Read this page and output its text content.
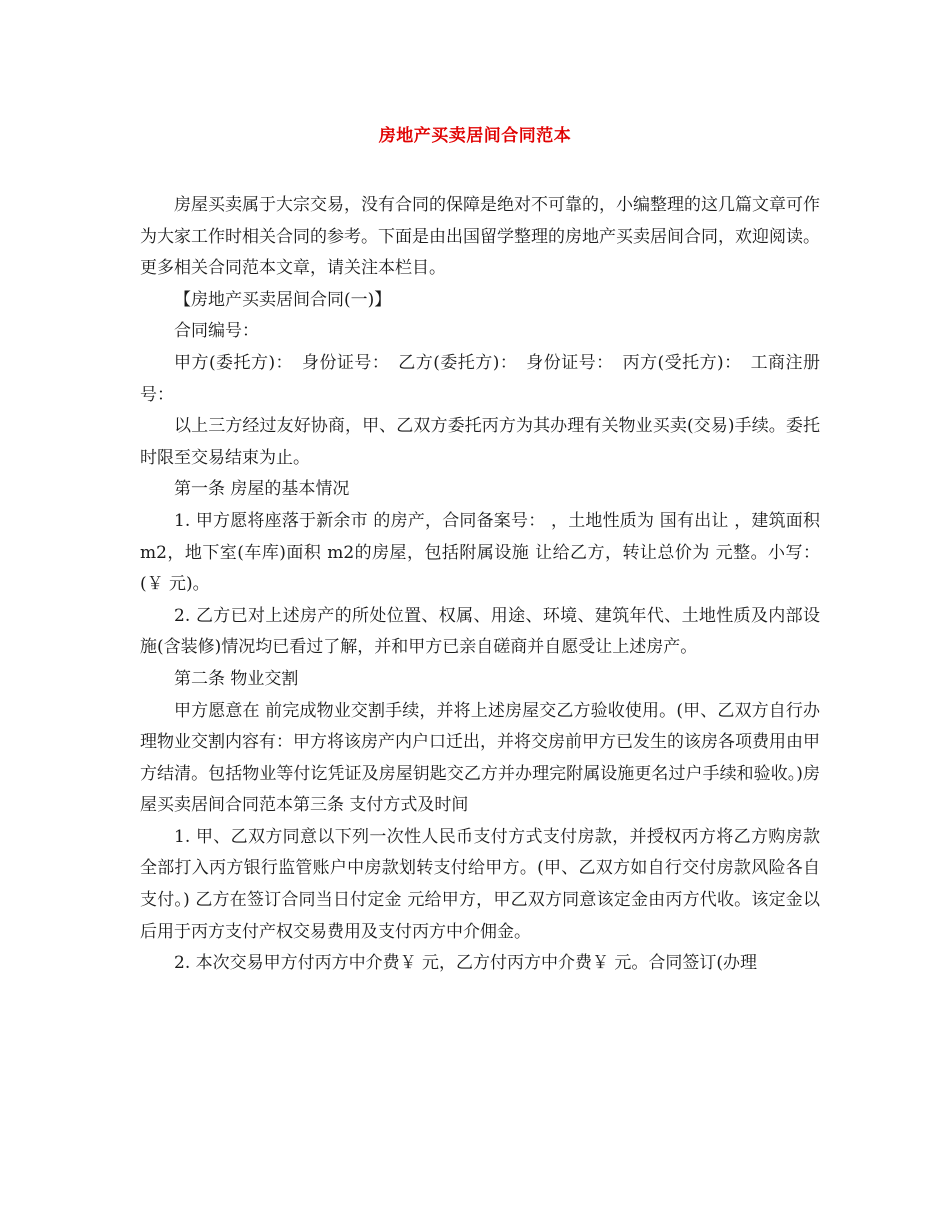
房地产买卖居间合同范本

房屋买卖属于大宗交易，没有合同的保障是绝对不可靠的，小编整理的这几篇文章可作为大家工作时相关合同的参考。下面是由出国留学整理的房地产买卖居间合同，欢迎阅读。更多相关合同范本文章，请关注本栏目。

【房地产买卖居间合同(一)】

合同编号：

甲方(委托方)：　身份证号：　乙方(委托方)：　身份证号：　丙方(受托方)：　工商注册号：

以上三方经过友好协商，甲、乙双方委托丙方为其办理有关物业买卖(交易)手续。委托时限至交易结束为止。

第一条 房屋的基本情况

1. 甲方愿将座落于新余市 的房产，合同备案号： ，土地性质为 国有出让 ，建筑面积 m2，地下室(车库)面积 m2的房屋，包括附属设施 让给乙方，转让总价为 元整。小写：(￥ 元)。

2. 乙方已对上述房产的所处位置、权属、用途、环境、建筑年代、土地性质及内部设施(含装修)情况均已看过了解，并和甲方已亲自磋商并自愿受让上述房产。

第二条 物业交割

甲方愿意在 前完成物业交割手续，并将上述房屋交乙方验收使用。(甲、乙双方自行办理物业交割内容有：甲方将该房产内户口迁出，并将交房前甲方已发生的该房各项费用由甲方结清。包括物业等付讫凭证及房屋钥匙交乙方并办理完附属设施更名过户手续和验收。)房屋买卖居间合同范本第三条 支付方式及时间

1. 甲、乙双方同意以下列一次性人民币支付方式支付房款，并授权丙方将乙方购房款全部打入丙方银行监管账户中房款划转支付给甲方。(甲、乙双方如自行交付房款风险各自支付。) 乙方在签订合同当日付定金 元给甲方，甲乙双方同意该定金由丙方代收。该定金以后用于丙方支付产权交易费用及支付丙方中介佣金。

2. 本次交易甲方付丙方中介费￥ 元，乙方付丙方中介费￥ 元。合同签订(办理
